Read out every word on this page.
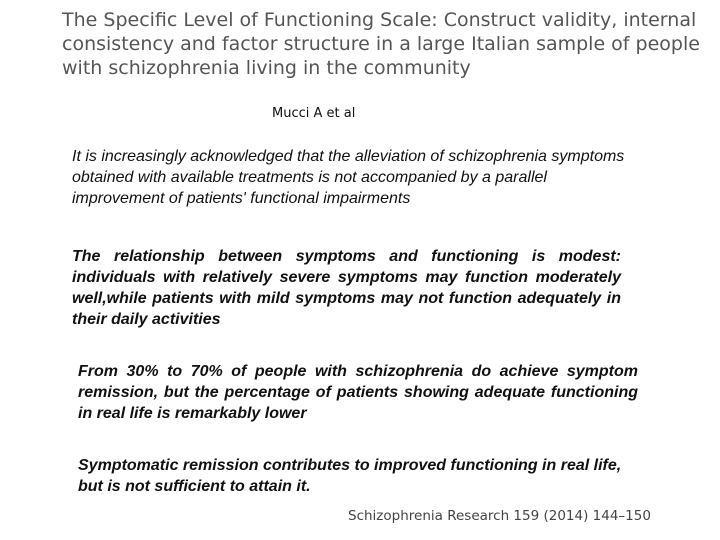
The Specific Level of Functioning Scale: Construct validity, internal consistency and factor structure in a large Italian sample of people with schizophrenia living in the community
Mucci A et al

It is increasingly acknowledged that the alleviation of schizophrenia symptoms obtained with available treatments is not accompanied by a parallel improvement of patients' functional impairments

The relationship between symptoms and functioning is modest: individuals with relatively severe symptoms may function moderately well,while patients with mild symptoms may not function adequately in their daily activities

From 30% to 70% of people with schizophrenia do achieve symptom remission, but the percentage of patients showing adequate functioning in real life is remarkably lower

Symptomatic remission contributes to improved functioning in real life, but is not sufficient to attain it.

Schizophrenia Research 159 (2014) 144–150
